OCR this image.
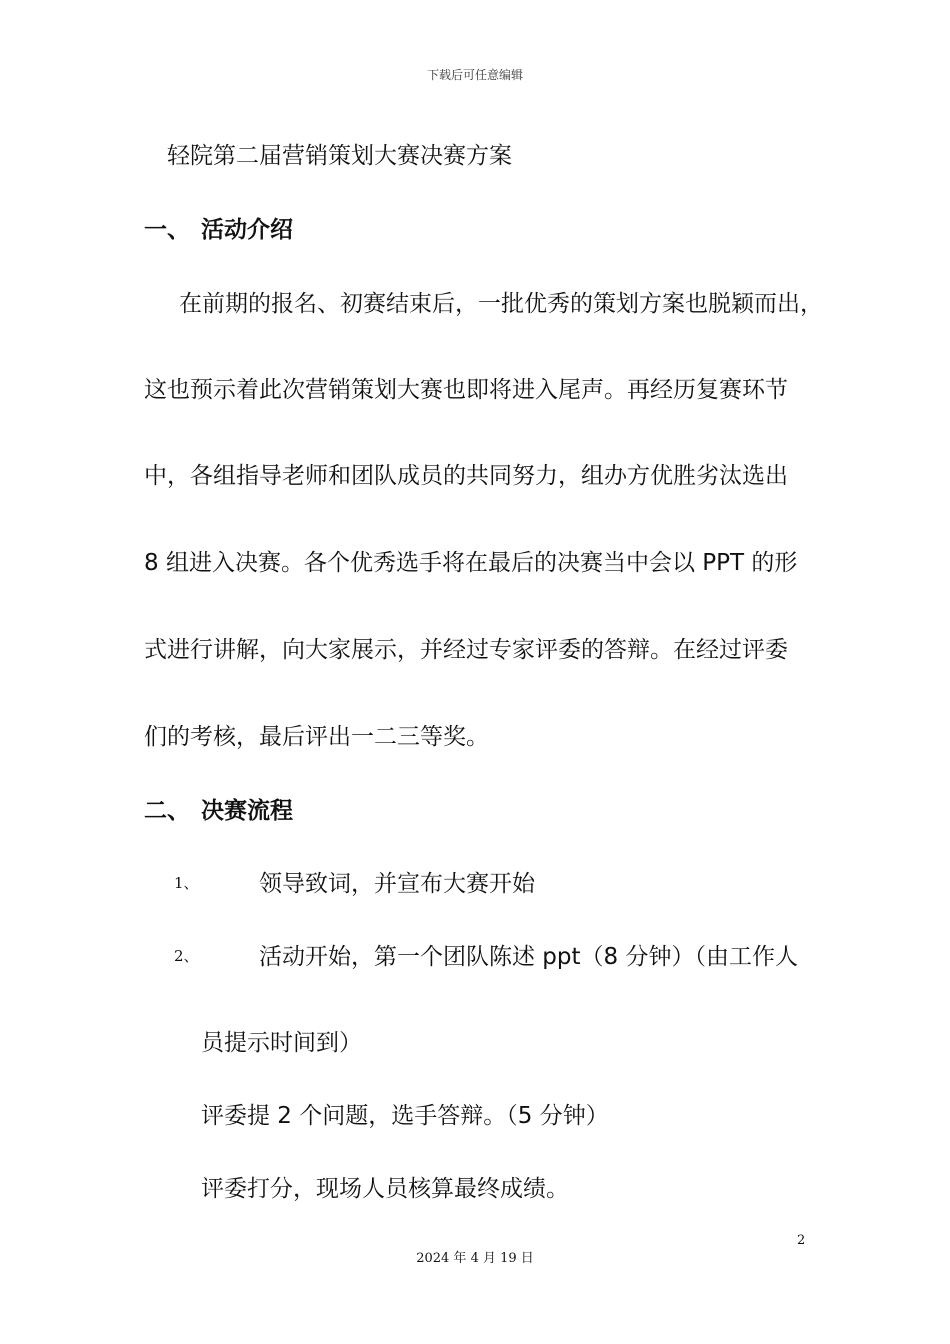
下载后可任意编辑
轻院第二届营销策划大赛决赛方案
一、 活动介绍
在前期的报名、初赛结束后，一批优秀的策划方案也脱颖而出，
这也预示着此次营销策划大赛也即将进入尾声。再经历复赛环节
中，各组指导老师和团队成员的共同努力，组办方优胜劣汰选出
8 组进入决赛。各个优秀选手将在最后的决赛当中会以 PPT 的形
式进行讲解，向大家展示，并经过专家评委的答辩。在经过评委
们的考核，最后评出一二三等奖。
二、 决赛流程
1、	领导致词，并宣布大赛开始
2、	活动开始，第一个团队陈述 ppt（8 分钟）（由工作人
员提示时间到）
评委提 2 个问题，选手答辩。（5 分钟）
评委打分，现场人员核算最终成绩。
2
2024 年 4 月 19 日
